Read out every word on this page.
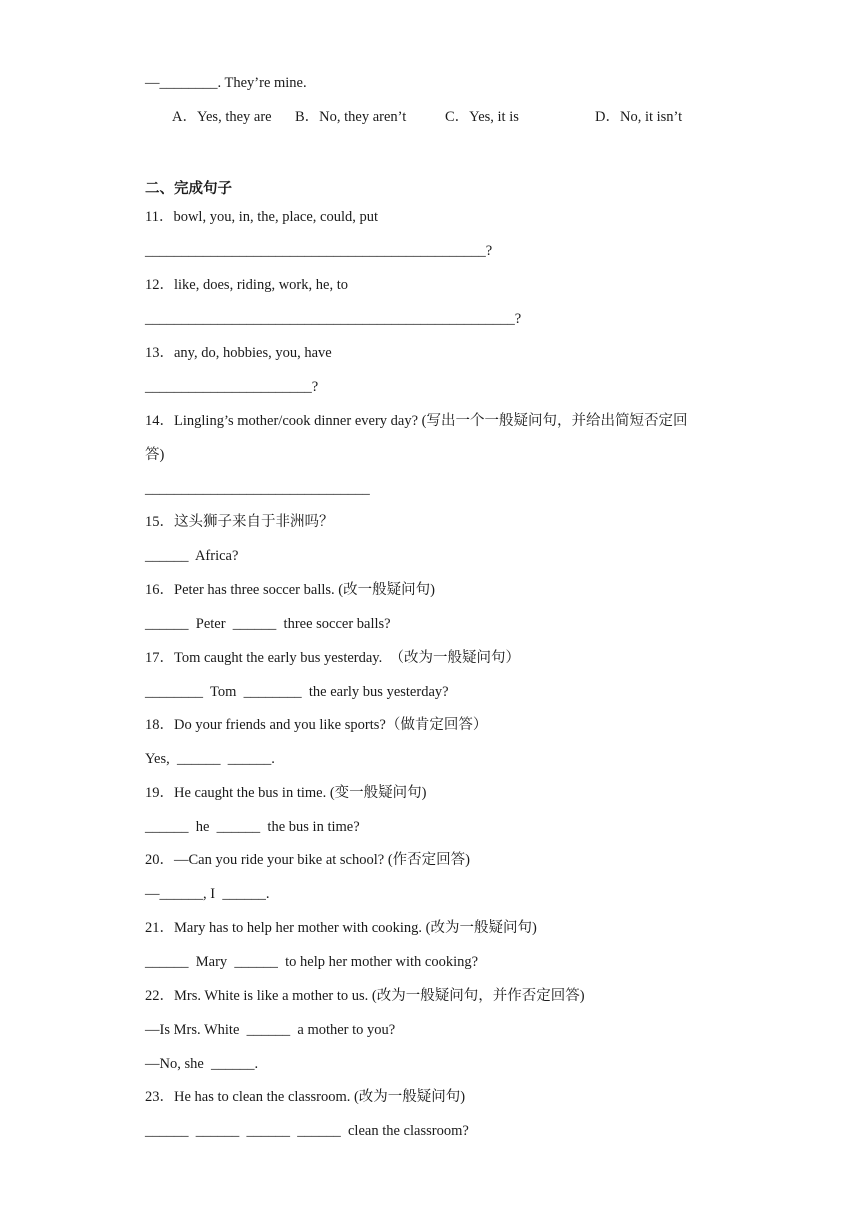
—________. They’re mine.
A．Yes, they are B．No, they aren’t	C．Yes, it is	D．No, it isn’t
二、完成句子
11．bowl, you, in, the, place, could, put
_______________________________________________?
12．like, does, riding, work, he, to
___________________________________________________?
13．any, do, hobbies, you, have
_______________________?
14．Lingling’s mother/cook dinner every day? (写出一个一般疑问句，并给出简短否定回
答)
_______________________________
15．这头狮子来自于非洲吗？
______  Africa?
16．Peter has three soccer balls. (改一般疑问句)
______  Peter  ______  three soccer balls?
17．Tom caught the early bus yesterday.  （改为一般疑问句）
________  Tom  ________  the early bus yesterday?
18．Do your friends and you like sports?（做肯定回答）
Yes,  ______  ______.
19．He caught the bus in time. (变一般疑问句)
______  he  ______  the bus in time?
20．—Can you ride your bike at school? (作否定回答)
—______, I  ______.
21．Mary has to help her mother with cooking. (改为一般疑问句)
______  Mary  ______  to help her mother with cooking?
22．Mrs. White is like a mother to us. (改为一般疑问句，并作否定回答)
—Is Mrs. White  ______  a mother to you?
—No, she  ______.
23．He has to clean the classroom. (改为一般疑问句)
______  ______  ______  ______  clean the classroom?
